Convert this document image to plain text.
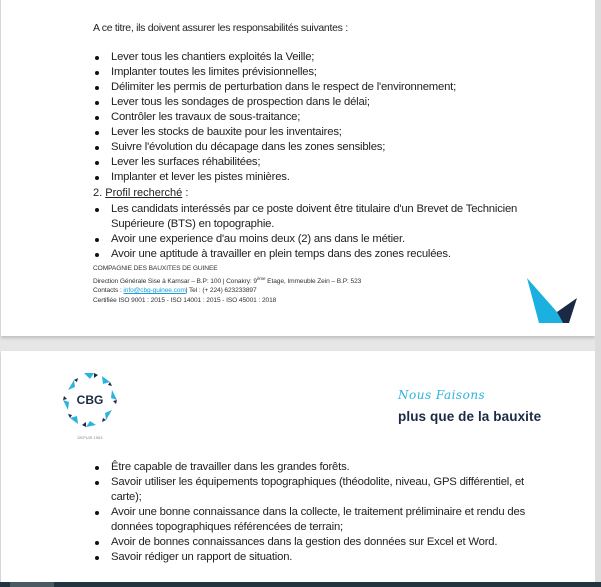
A ce titre, ils doivent assurer les responsabilités suivantes :
Lever tous les chantiers exploités la Veille;
Implanter toutes les limites prévisionnelles;
Délimiter les permis de perturbation dans le respect de l'environnement;
Lever tous les sondages de prospection dans le délai;
Contrôler les travaux de sous-traitance;
Lever les stocks de bauxite pour les inventaires;
Suivre l'évolution du décapage dans les zones sensibles;
Lever les surfaces réhabilitées;
Implanter et lever les pistes minières.
2. Profil recherché :
Les candidats interéssés par ce poste doivent être titulaire d'un Brevet de Technicien Supérieure (BTS) en topographie.
Avoir une experience d'au moins deux (2) ans dans le métier.
Avoir une aptitude à travailler en plein temps dans des zones reculées.
COMPAGNIE DES BAUXITES DE GUINEE
Direction Générale Sise à Kamsar – B.P: 100 | Conakry: 9ème Etage, Immeuble Zein – B.P: 523
Contacts : info@cbg-guinee.com| Tel : (+ 224) 623233897
Certifiée ISO 9001 : 2015 - ISO 14001 : 2015 - ISO 45001 : 2018
CBG
DEPUIS 1963
Nous Faisons
plus que de la bauxite
Être capable de travailler dans les grandes forêts.
Savoir utiliser les équipements topographiques (théodolite, niveau, GPS différentiel, et carte);
Avoir une bonne connaissance dans la collecte, le traitement préliminaire et rendu des données topographiques référencées de terrain;
Avoir de bonnes connaissances dans la gestion des données sur Excel et Word.
Savoir rédiger un rapport de situation.
